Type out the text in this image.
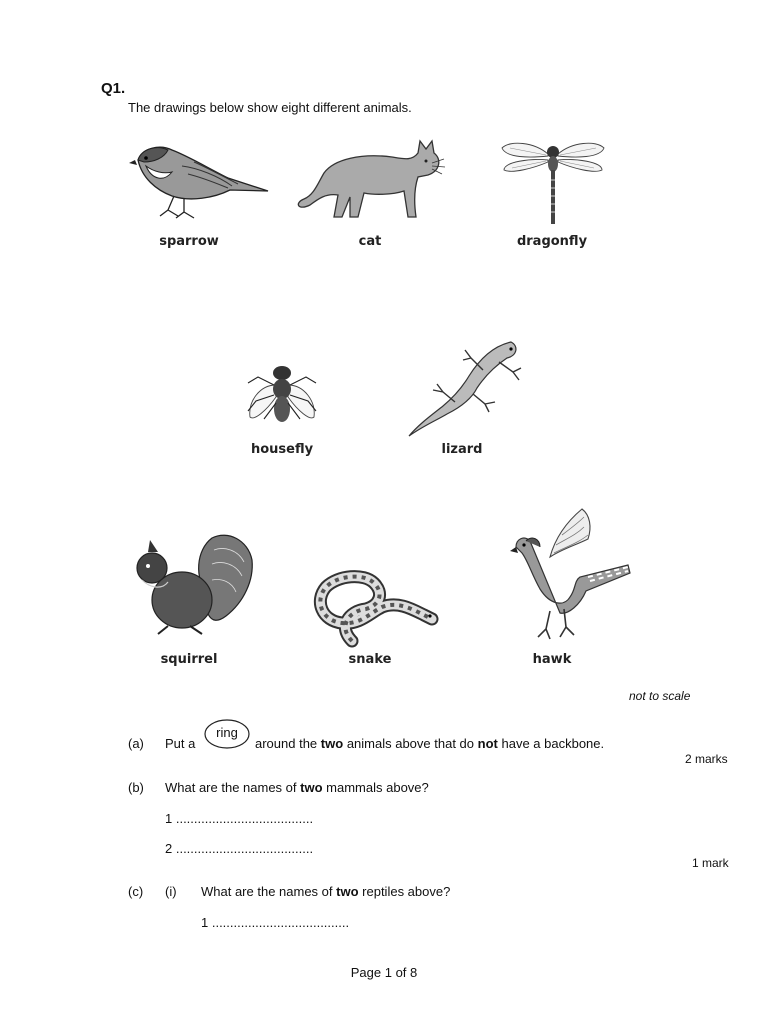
Q1.
The drawings below show eight different animals.
sparrow	cat	dragonfly
housefly	lizard
squirrel	snake	hawk
not to scale
(a) Put a
ring
around the two animals above that do not have a backbone.
2 marks
(b) What are the names of two mammals above?
1 ......................................
2 ......................................
1 mark
(c) (i) What are the names of two reptiles above?
1 ......................................
Page 1 of 8
